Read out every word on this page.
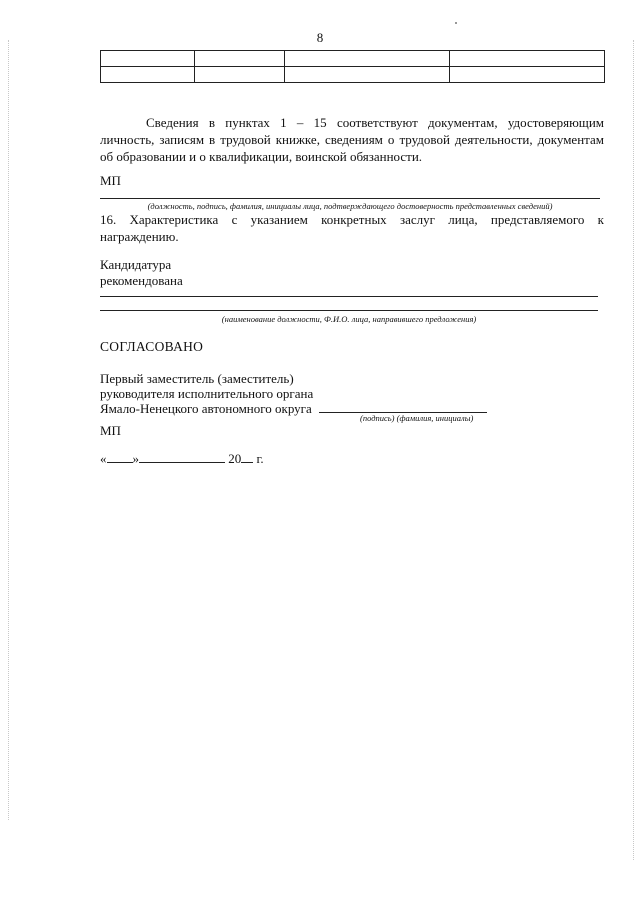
8

Сведения в пунктах 1 – 15 соответствуют документам, удостоверяющим личность, записям в трудовой книжке, сведениям о трудовой деятельности, документам об образовании и о квалификации, воинской обязанности.
МП
(должность, подпись, фамилия, инициалы лица, подтверждающего достоверность представленных сведений)
16. Характеристика с указанием конкретных заслуг лица, представляемого к награждению.
Кандидатура
рекомендована
(наименование должности, Ф.И.О. лица, направившего предложения)
СОГЛАСОВАНО
Первый заместитель (заместитель)
руководителя исполнительного органа
Ямало-Ненецкого автономного округа
(подпись) (фамилия, инициалы)
МП
« »	20 г.
